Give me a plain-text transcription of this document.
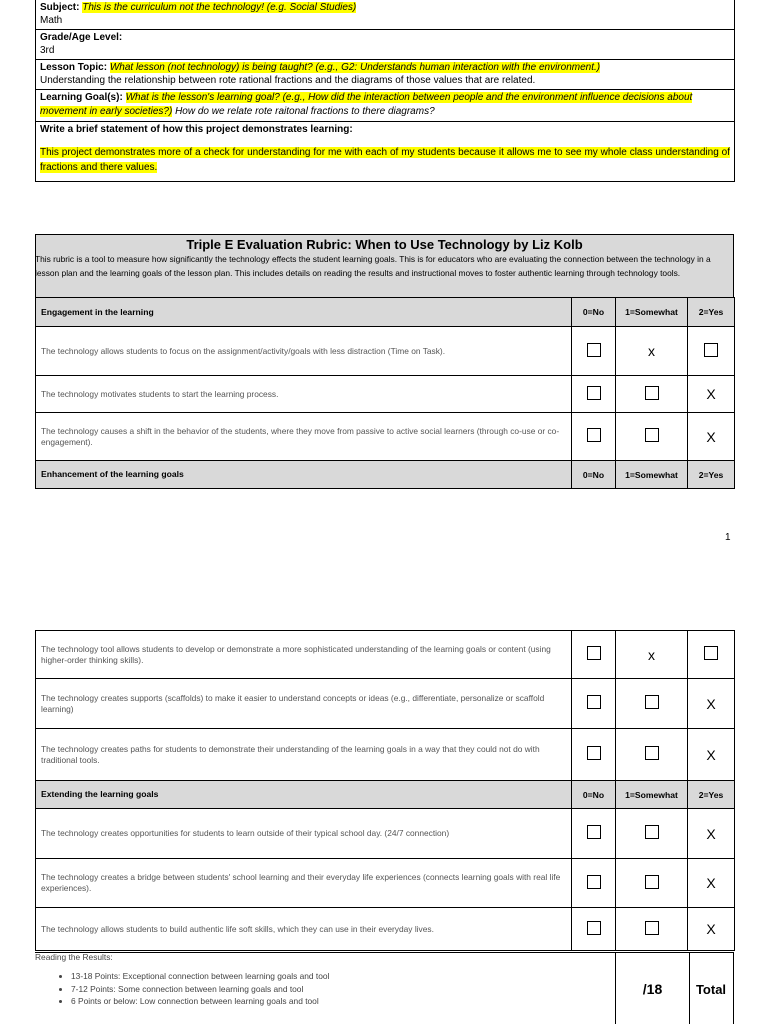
Subject: This is the curriculum not the technology! (e.g. Social Studies)
Math
Grade/Age Level:
3rd
Lesson Topic: What lesson (not technology) is being taught? (e.g., G2: Understands human interaction with the environment.)
Understanding the relationship between rote rational fractions and the diagrams of those values that are related.
Learning Goal(s): What is the lesson's learning goal? (e.g., How did the interaction between people and the environment influence decisions about movement in early societies?) How do we relate rote raitonal fractions to there diagrams?
Write a brief statement of how this project demonstrates learning:
This project demonstrates more of a check for understanding for me with each of my students because it allows me to see my whole class understanding of fractions and there values.
Triple E Evaluation Rubric: When to Use Technology by Liz Kolb
This rubric is a tool to measure how significantly the technology effects the student learning goals. This is for educators who are evaluating the connection between the technology in a lesson plan and the learning goals of the lesson plan. This includes details on reading the results and instructional moves to foster authentic learning through technology tools.
Engagement in the learning	0=No	1=Somewhat	2=Yes
The technology allows students to focus on the assignment/activity/goals with less distraction (Time on Task).		x	
The technology motivates students to start the learning process.			X
The technology causes a shift in the behavior of the students, where they move from passive to active social learners (through co-use or co-engagement).			X
Enhancement of the learning goals	0=No	1=Somewhat	2=Yes
1
The technology tool allows students to develop or demonstrate a more sophisticated understanding of the learning goals or content (using higher-order thinking skills).		x	
The technology creates supports (scaffolds) to make it easier to understand concepts or ideas (e.g., differentiate, personalize or scaffold learning)			X
The technology creates paths for students to demonstrate their understanding of the learning goals in a way that they could not do with traditional tools.			X
Extending the learning goals	0=No	1=Somewhat	2=Yes
The technology creates opportunities for students to learn outside of their typical school day. (24/7 connection)			X
The technology creates a bridge between students' school learning and their everyday life experiences (connects learning goals with real life experiences).			X
The technology allows students to build authentic life soft skills, which they can use in their everyday lives.			X
Reading the Results:
• 13-18 Points: Exceptional connection between learning goals and tool
• 7-12 Points: Some connection between learning goals and tool
• 6 Points or below: Low connection between learning goals and tool
/18	Total
